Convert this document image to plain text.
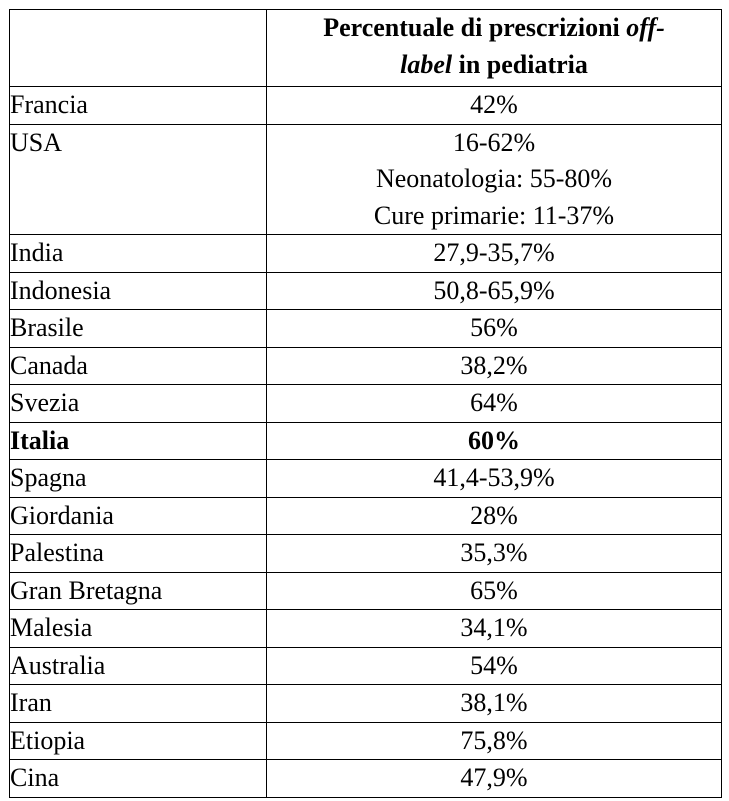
	Percentuale di prescrizioni off-
label in pediatria

Francia	42%

USA	16-62%
Neonatologia: 55-80%
Cure primarie: 11-37%

India	27,9-35,7%

Indonesia	50,8-65,9%

Brasile	56%

Canada	38,2%

Svezia	64%

Italia	60%

Spagna	41,4-53,9%

Giordania	28%

Palestina	35,3%

Gran Bretagna	65%

Malesia	34,1%

Australia	54%

Iran	38,1%

Etiopia	75,8%

Cina	47,9%
